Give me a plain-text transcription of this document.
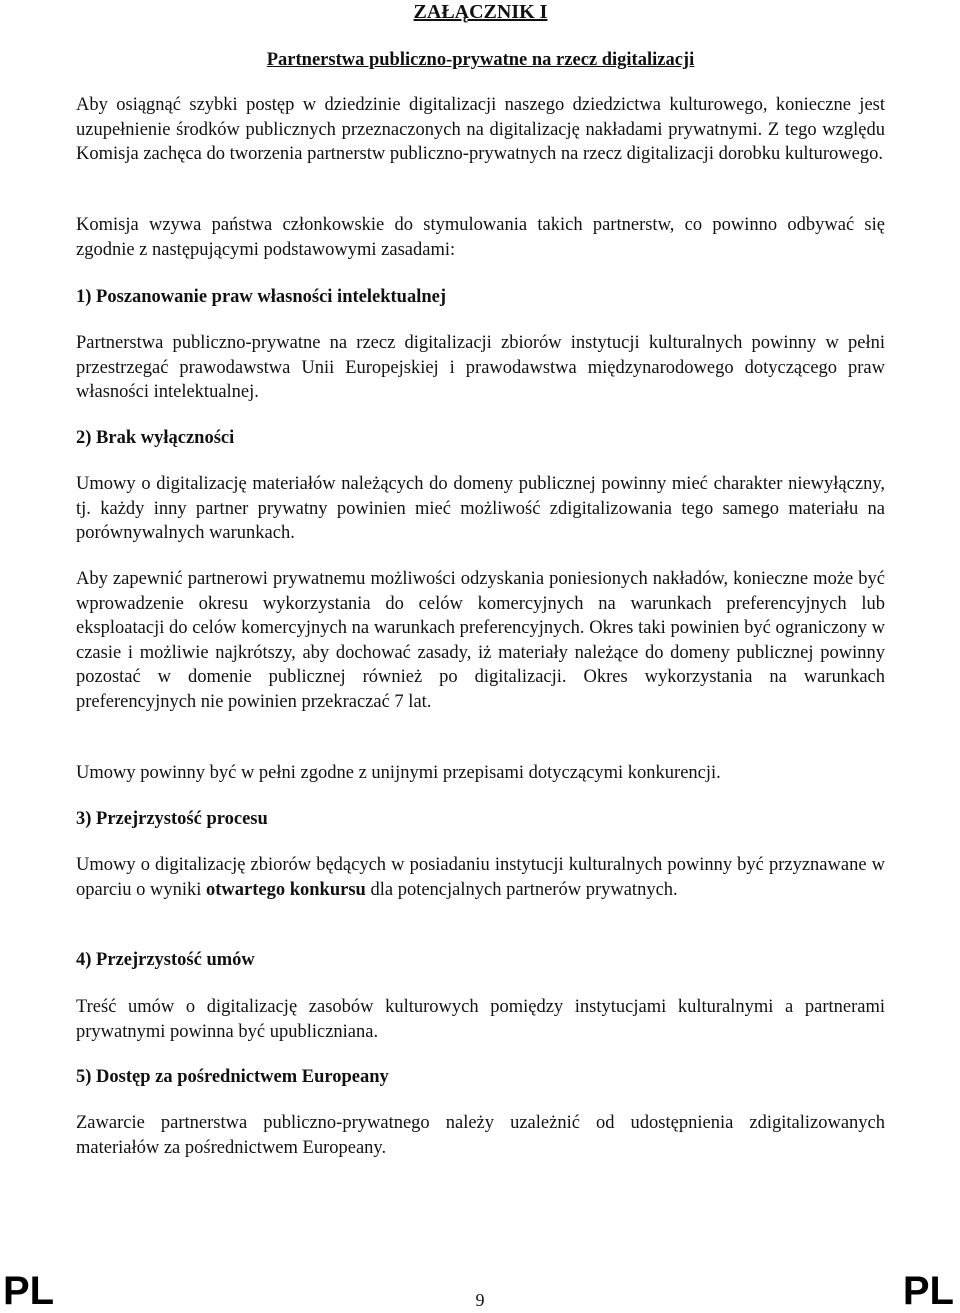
ZAŁĄCZNIK I

Partnerstwa publiczno-prywatne na rzecz digitalizacji

Aby osiągnąć szybki postęp w dziedzinie digitalizacji naszego dziedzictwa kulturowego, konieczne jest uzupełnienie środków publicznych przeznaczonych na digitalizację nakładami prywatnymi. Z tego względu Komisja zachęca do tworzenia partnerstw publiczno-prywatnych na rzecz digitalizacji dorobku kulturowego.

Komisja wzywa państwa członkowskie do stymulowania takich partnerstw, co powinno odbywać się zgodnie z następującymi podstawowymi zasadami:

1) Poszanowanie praw własności intelektualnej

Partnerstwa publiczno-prywatne na rzecz digitalizacji zbiorów instytucji kulturalnych powinny w pełni przestrzegać prawodawstwa Unii Europejskiej i prawodawstwa międzynarodowego dotyczącego praw własności intelektualnej.

2) Brak wyłączności

Umowy o digitalizację materiałów należących do domeny publicznej powinny mieć charakter niewyłączny, tj. każdy inny partner prywatny powinien mieć możliwość zdigitalizowania tego samego materiału na porównywalnych warunkach.

Aby zapewnić partnerowi prywatnemu możliwości odzyskania poniesionych nakładów, konieczne może być wprowadzenie okresu wykorzystania do celów komercyjnych na warunkach preferencyjnych lub eksploatacji do celów komercyjnych na warunkach preferencyjnych. Okres taki powinien być ograniczony w czasie i możliwie najkrótszy, aby dochować zasady, iż materiały należące do domeny publicznej powinny pozostać w domenie publicznej również po digitalizacji. Okres wykorzystania na warunkach preferencyjnych nie powinien przekraczać 7 lat.

Umowy powinny być w pełni zgodne z unijnymi przepisami dotyczącymi konkurencji.

3) Przejrzystość procesu

Umowy o digitalizację zbiorów będących w posiadaniu instytucji kulturalnych powinny być przyznawane w oparciu o wyniki otwartego konkursu dla potencjalnych partnerów prywatnych.

4) Przejrzystość umów

Treść umów o digitalizację zasobów kulturowych pomiędzy instytucjami kulturalnymi a partnerami prywatnymi powinna być upubliczniana.

5) Dostęp za pośrednictwem Europeany

Zawarcie partnerstwa publiczno-prywatnego należy uzależnić od udostępnienia zdigitalizowanych materiałów za pośrednictwem Europeany.

PL	9	PL
